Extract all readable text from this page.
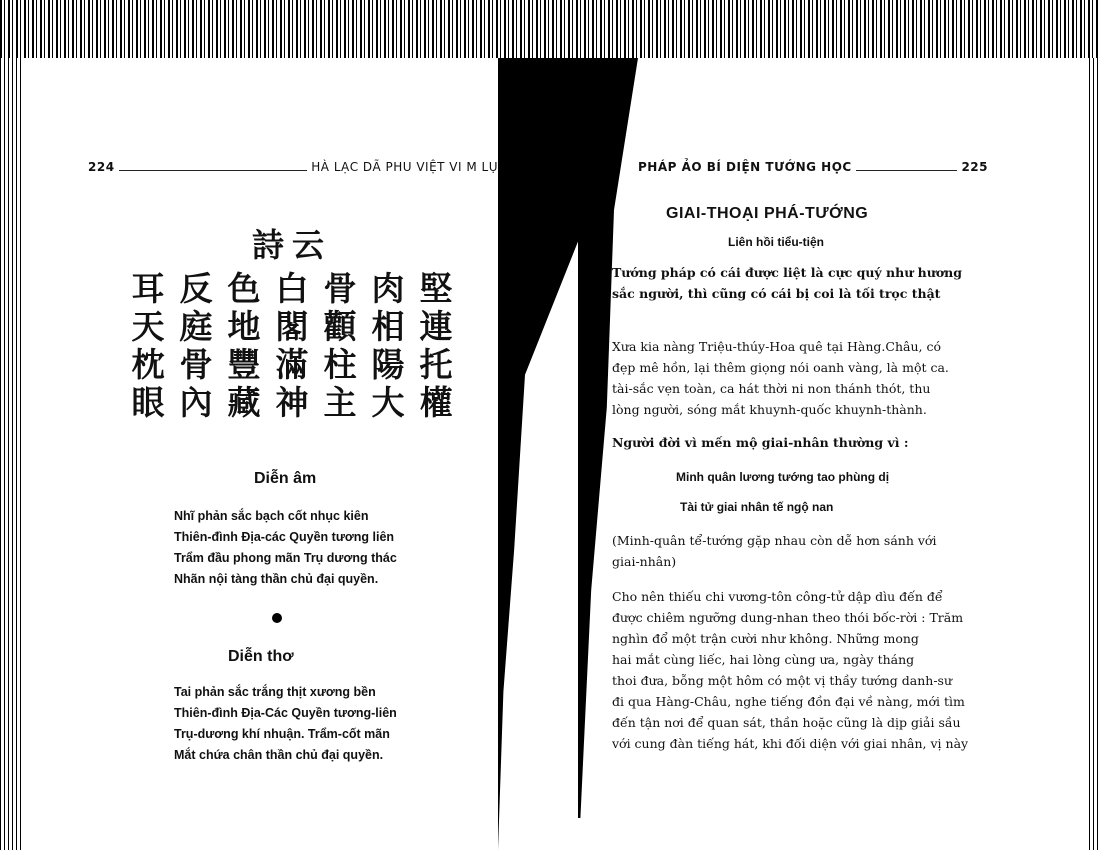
224	HÀ LẠC DÃ PHU VIỆT VI M LỤ
詩云
耳 反 色 白 骨 肉 堅
天 庭 地 閣 顴 相 連
枕 骨 豐 滿 柱 陽 托
眼 內 藏 神 主 大 權
Diễn âm
Nhĩ phản sắc bạch cốt nhục kiên
Thiên-đình Địa-các Quyền tương liên
Trẩm đầu phong mãn Trụ dương thác
Nhãn nội tàng thần chủ đại quyền.
Diễn thơ
Tai phản sắc trắng thịt xương bền
Thiên-đình Địa-Các Quyền tương-liên
Trụ-dương khí nhuận. Trẩm-cốt mãn
Mắt chứa chân thần chủ đại quyền.
PHÁP ẢO BÍ DIỆN TƯỚNG HỌC	225
GIAI-THOẠI PHÁ-TƯỚNG
Liên hồi tiểu-tiện
Tướng pháp có cái được liệt là cực quý như hương
sắc người, thì cũng có cái bị coi là tối trọc thật
Xưa kia nàng Triệu-thúy-Hoa quê tại Hàng.Châu, có
đẹp mê hồn, lại thêm giọng nói oanh vàng, là một ca.
tài-sắc vẹn toàn, ca hát thời ni non thánh thót, thu
lòng người, sóng mắt khuynh-quốc khuynh-thành.
Người đời vì mến mộ giai-nhân thường vì :
Minh quân lương tướng tao phùng dị
Tài tử giai nhân tế ngộ nan
(Minh-quân tể-tướng gặp nhau còn dễ hơn sánh với
giai-nhân)
Cho nên thiếu chi vương-tôn công-tử dập dìu đến để
được chiêm ngưỡng dung-nhan theo thói bốc-rời : Trăm
nghìn đổ một trận cười như không. Những mong
hai mắt cùng liếc, hai lòng cùng ưa, ngày tháng
thoi đưa, bỗng một hôm có một vị thầy tướng danh-sư
đi qua Hàng-Châu, nghe tiếng đồn đại về nàng, mới tìm
đến tận nơi để quan sát, thần hoặc cũng là dịp giải sầu
với cung đàn tiếng hát, khi đối diện với giai nhân, vị này
